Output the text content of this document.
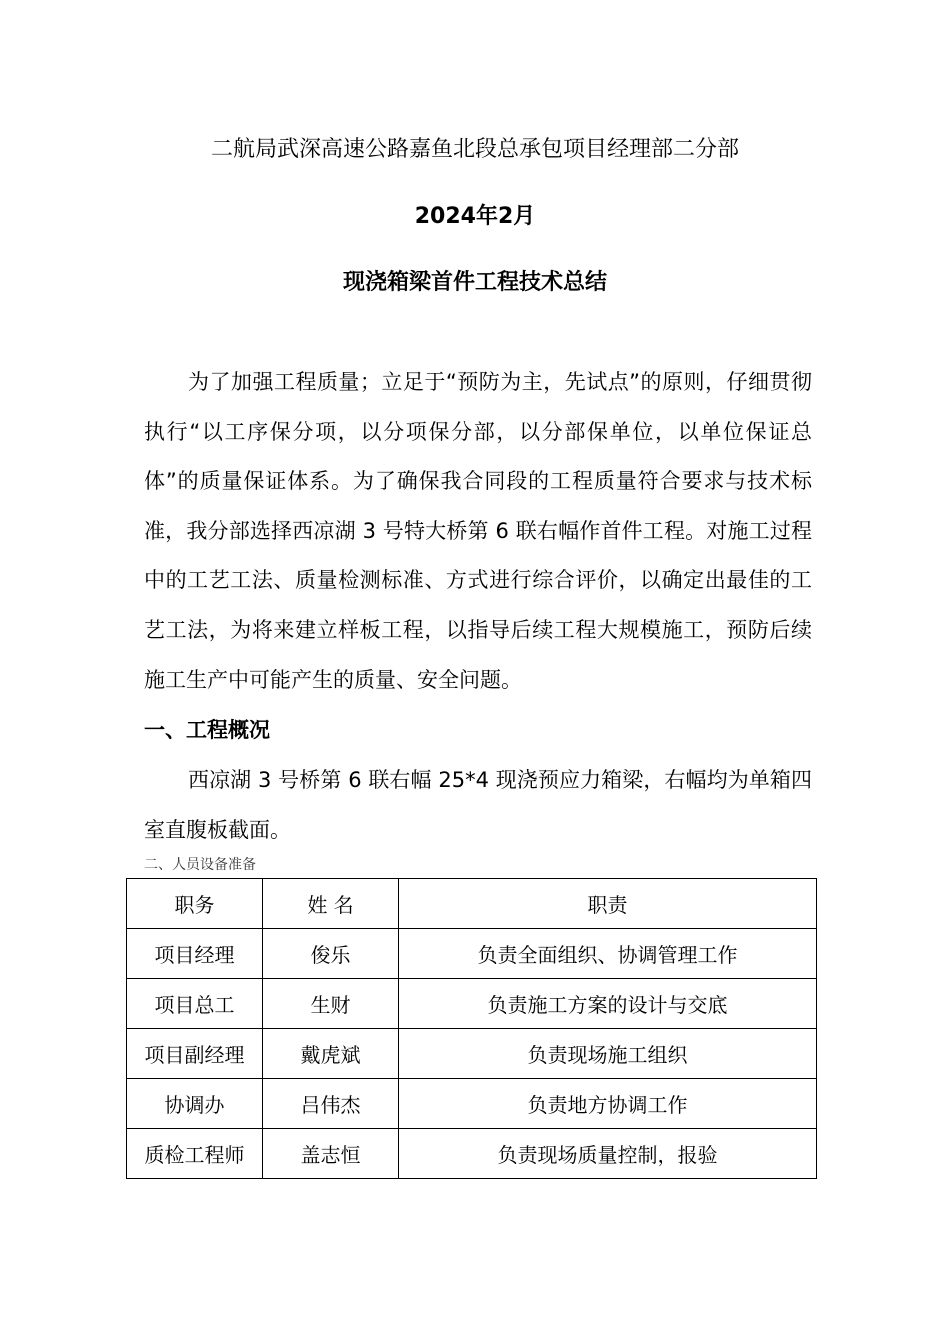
二航局武深高速公路嘉鱼北段总承包项目经理部二分部
2024年2月
现浇箱梁首件工程技术总结

为了加强工程质量；立足于“预防为主，先试点”的原则，仔细贯彻执行“以工序保分项，以分项保分部，以分部保单位，以单位保证总体”的质量保证体系。为了确保我合同段的工程质量符合要求与技术标准，我分部选择西凉湖 3 号特大桥第 6 联右幅作首件工程。对施工过程中的工艺工法、质量检测标准、方式进行综合评价，以确定出最佳的工艺工法，为将来建立样板工程，以指导后续工程大规模施工，预防后续施工生产中可能产生的质量、安全问题。

一、工程概况

西凉湖 3 号桥第 6 联右幅 25*4 现浇预应力箱梁，右幅均为单箱四室直腹板截面。

二、人员设备准备
职务	姓 名	职责
项目经理	俊乐	负责全面组织、协调管理工作
项目总工	生财	负责施工方案的设计与交底
项目副经理	戴虎斌	负责现场施工组织
协调办	吕伟杰	负责地方协调工作
质检工程师	盖志恒	负责现场质量控制，报验
